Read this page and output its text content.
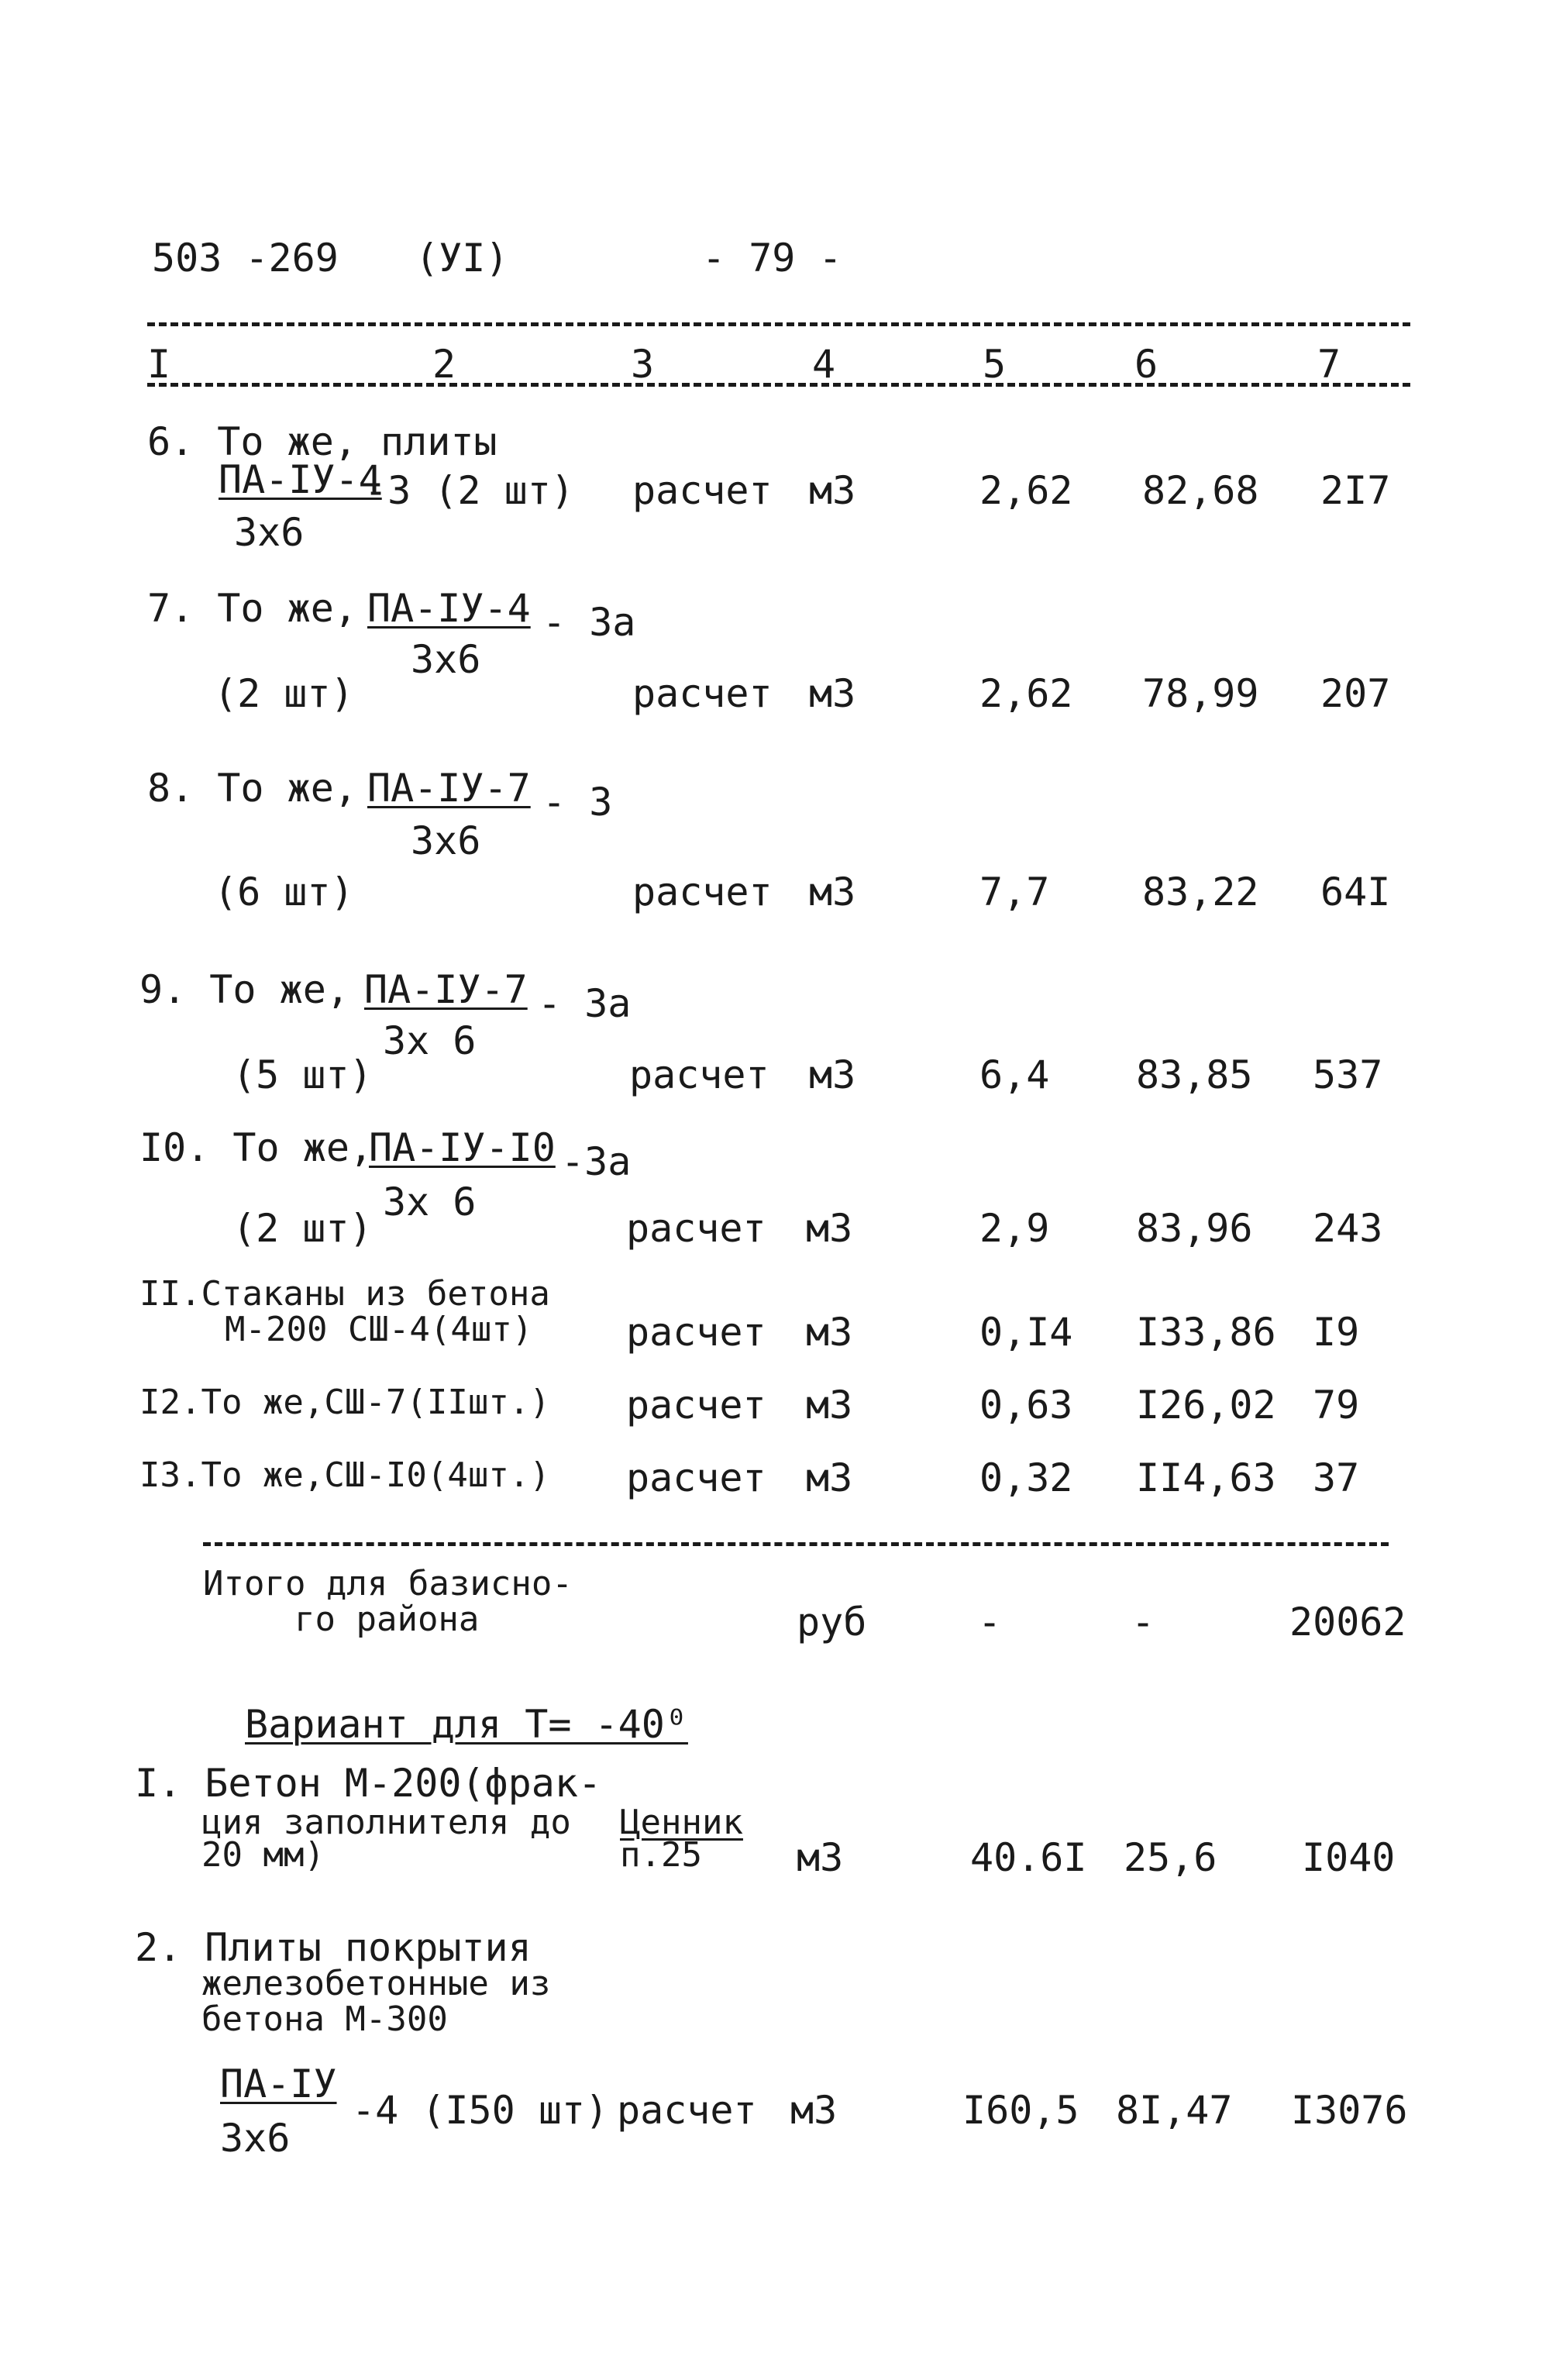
503 -269 (УI)	- 79 -
I	2	3	4	5	6	7
6. То же, плиты
ПА-IУ-4
-3 (2 шт)
3х6
расчет м3	2,62 82,68 2I7
7. То же, ПА-IУ-4 - 3а
3х6
(2 шт)	расчет м3	2,62 78,99 207
8. То же, ПА-IУ-7 - 3
3х6
(6 шт)	расчет м3	7,7 83,22 64I
9. То же, ПА-IУ-7 - 3а
3х 6
(5 шт)	расчет м3	6,4 83,85 537
I0. То же,
ПА-IУ-I0 -3а
3х 6
(2 шт)	расчет м3	2,9 83,96 243
II.Стаканы из бетона
М-200 СШ-4(4шт) расчет м3	0,I4 I33,86 I9
I2.То же,СШ-7(IIшт.) расчет м3	0,63 I26,02 79
I3.То же,СШ-I0(4шт.) расчет м3	0,32 II4,63 37
Итого для базисно-
го района	руб	-	-	20062
Вариант для Т= -40⁰
I. Бетон М-200(фрак-
ция заполнителя до
20 мм)
Ценник
п.25 м3	40.6I 25,6 I040
2. Плиты покрытия
железобетонные из
бетона М-300
ПА-IУ
-4 (I50 шт)
3х6
расчет м3	I60,5 8I,47 I3076
